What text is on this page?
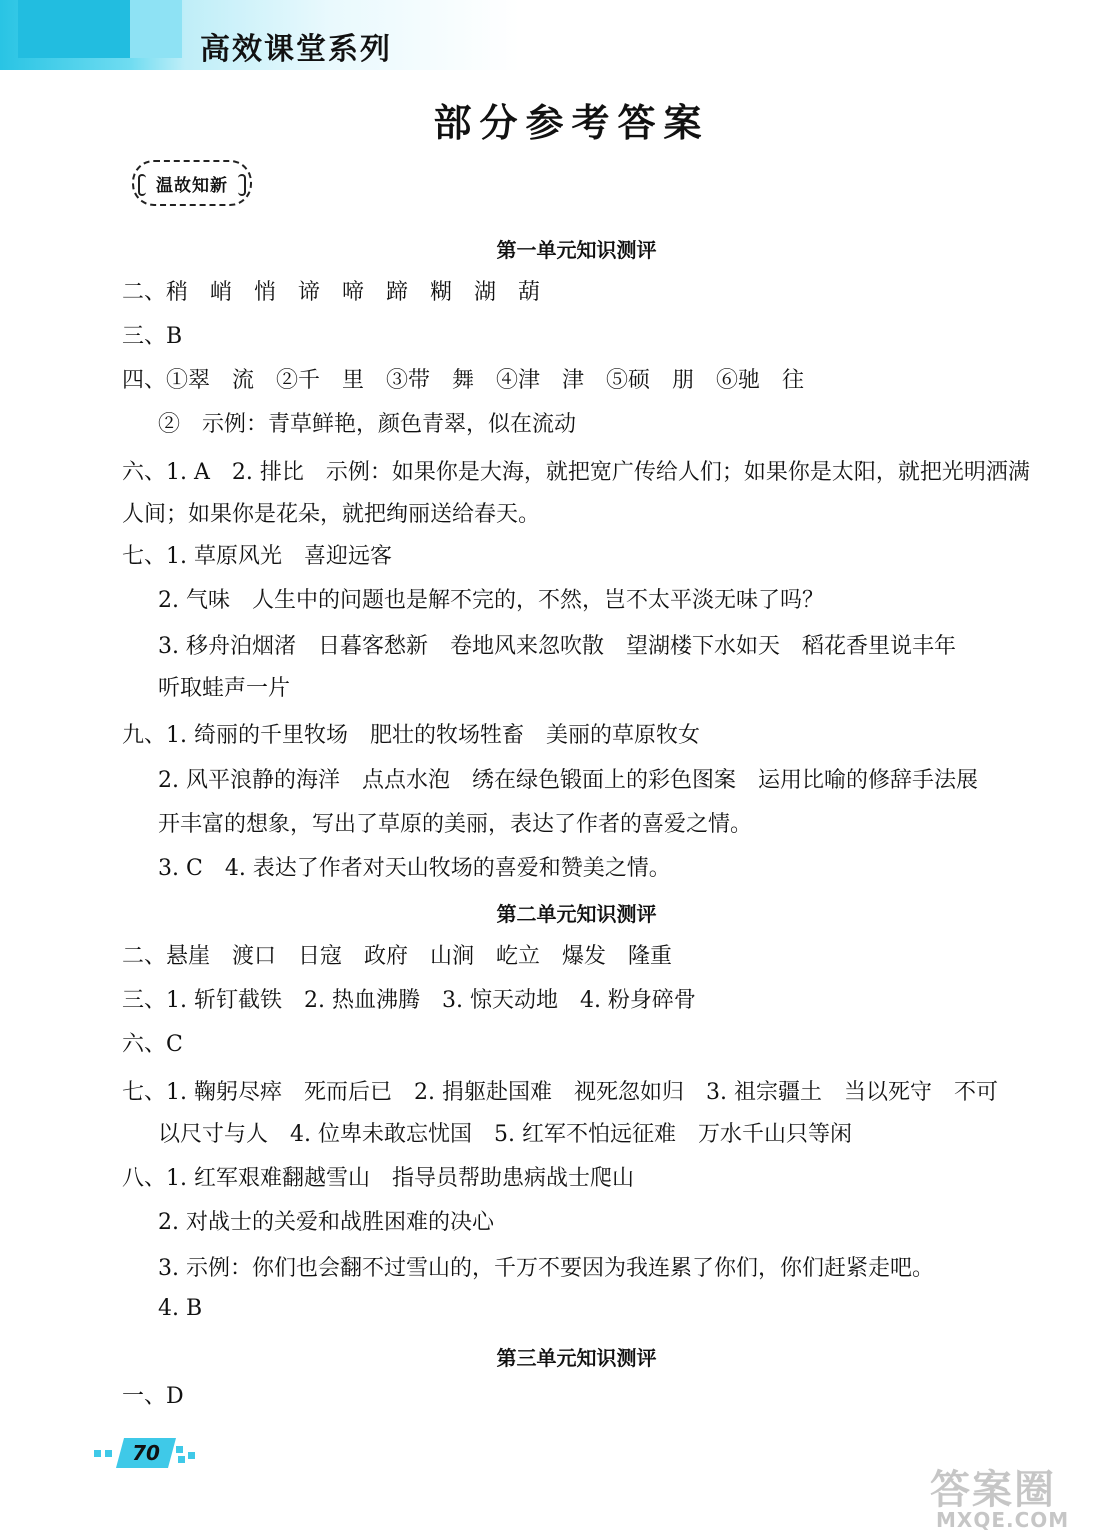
高效课堂系列
部分参考答案
温故知新
第一单元知识测评
二、稍　峭　悄　谛　啼　蹄　糊　湖　葫
三、B
四、①翠　流　②千　里　③带　舞　④津　津　⑤硕　朋　⑥驰　往
②　示例：青草鲜艳，颜色青翠，似在流动
六、1. A　2. 排比　示例：如果你是大海，就把宽广传给人们；如果你是太阳，就把光明洒满
人间；如果你是花朵，就把绚丽送给春天。
七、1. 草原风光　喜迎远客
2. 气味　人生中的问题也是解不完的，不然，岂不太平淡无味了吗？
3. 移舟泊烟渚　日暮客愁新　卷地风来忽吹散　望湖楼下水如天　稻花香里说丰年
听取蛙声一片
九、1. 绮丽的千里牧场　肥壮的牧场牲畜　美丽的草原牧女
2. 风平浪静的海洋　点点水泡　绣在绿色锻面上的彩色图案　运用比喻的修辞手法展
开丰富的想象，写出了草原的美丽，表达了作者的喜爱之情。
3. C　4. 表达了作者对天山牧场的喜爱和赞美之情。
第二单元知识测评
二、悬崖　渡口　日寇　政府　山涧　屹立　爆发　隆重
三、1. 斩钉截铁　2. 热血沸腾　3. 惊天动地　4. 粉身碎骨
六、C
七、1. 鞠躬尽瘁　死而后已　2. 捐躯赴国难　视死忽如归　3. 祖宗疆土　当以死守　不可
以尺寸与人　4. 位卑未敢忘忧国　5. 红军不怕远征难　万水千山只等闲
八、1. 红军艰难翻越雪山　指导员帮助患病战士爬山
2. 对战士的关爱和战胜困难的决心
3. 示例：你们也会翻不过雪山的，千万不要因为我连累了你们，你们赶紧走吧。
4. B
第三单元知识测评
一、D
70
答案圈
MXQE.COM
